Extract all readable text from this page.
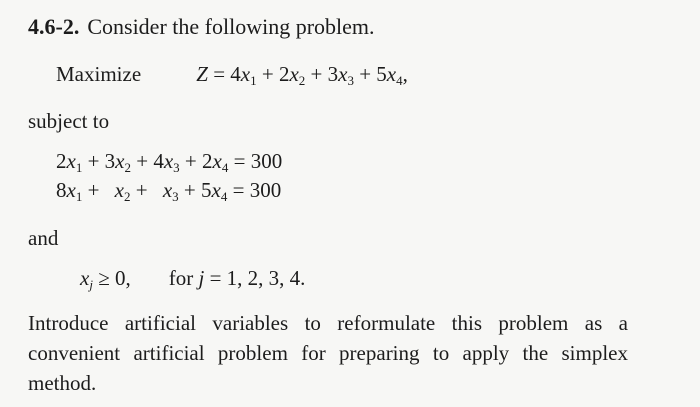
4.6-2. Consider the following problem.
Maximize	$Z = 4x_1 + 2x_2 + 3x_3 + 5x_4$,
subject to
$2x_1 + 3x_2 + 4x_3 + 2x_4 = 300$
$8x_1 + x_2 + x_3 + 5x_4 = 300$
and
$x_j \ge 0$, for j = 1, 2, 3, 4.
Introduce artificial variables to reformulate this problem as a convenient artificial problem for preparing to apply the simplex method.
